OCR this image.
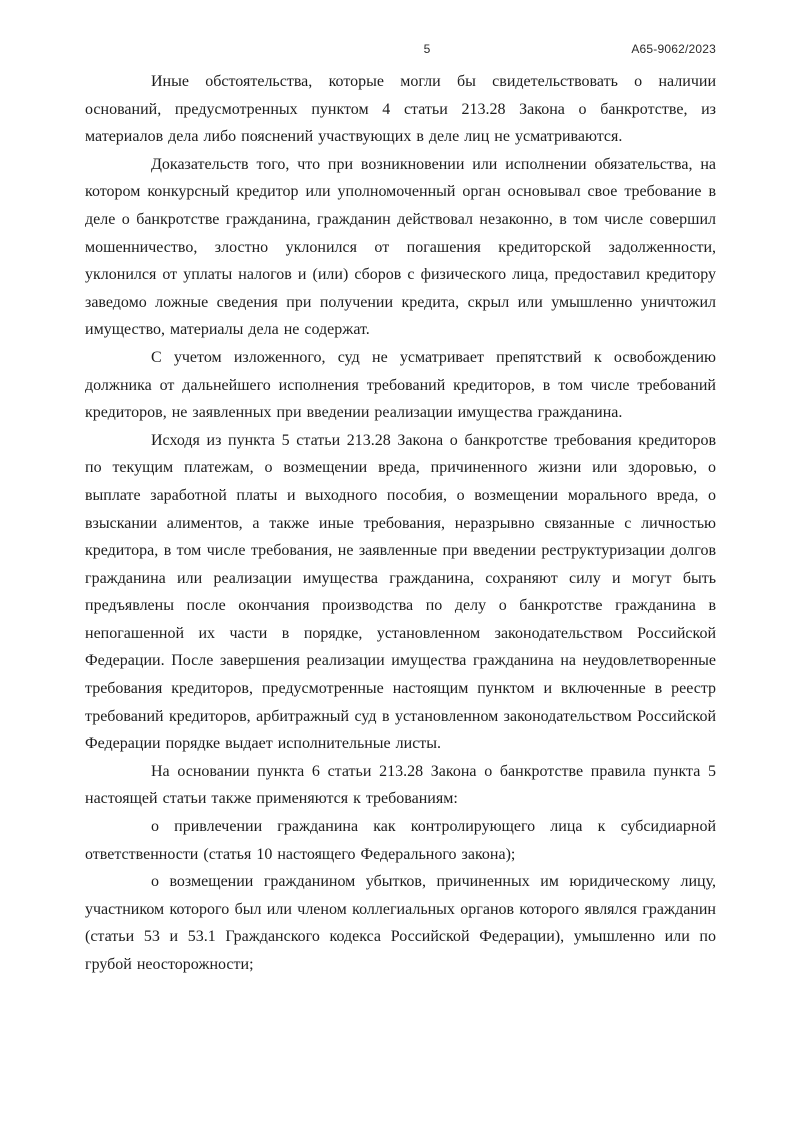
5	А65-9062/2023

Иные обстоятельства, которые могли бы свидетельствовать о наличии оснований, предусмотренных пунктом 4 статьи 213.28 Закона о банкротстве, из материалов дела либо пояснений участвующих в деле лиц не усматриваются.

Доказательств того, что при возникновении или исполнении обязательства, на котором конкурсный кредитор или уполномоченный орган основывал свое требование в деле о банкротстве гражданина, гражданин действовал незаконно, в том числе совершил мошенничество, злостно уклонился от погашения кредиторской задолженности, уклонился от уплаты налогов и (или) сборов с физического лица, предоставил кредитору заведомо ложные сведения при получении кредита, скрыл или умышленно уничтожил имущество, материалы дела не содержат.

С учетом изложенного, суд не усматривает препятствий к освобождению должника от дальнейшего исполнения требований кредиторов, в том числе требований кредиторов, не заявленных при введении реализации имущества гражданина.

Исходя из пункта 5 статьи 213.28 Закона о банкротстве требования кредиторов по текущим платежам, о возмещении вреда, причиненного жизни или здоровью, о выплате заработной платы и выходного пособия, о возмещении морального вреда, о взыскании алиментов, а также иные требования, неразрывно связанные с личностью кредитора, в том числе требования, не заявленные при введении реструктуризации долгов гражданина или реализации имущества гражданина, сохраняют силу и могут быть предъявлены после окончания производства по делу о банкротстве гражданина в непогашенной их части в порядке, установленном законодательством Российской Федерации. После завершения реализации имущества гражданина на неудовлетворенные требования кредиторов, предусмотренные настоящим пунктом и включенные в реестр требований кредиторов, арбитражный суд в установленном законодательством Российской Федерации порядке выдает исполнительные листы.

На основании пункта 6 статьи 213.28 Закона о банкротстве правила пункта 5 настоящей статьи также применяются к требованиям:

о привлечении гражданина как контролирующего лица к субсидиарной ответственности (статья 10 настоящего Федерального закона);

о возмещении гражданином убытков, причиненных им юридическому лицу, участником которого был или членом коллегиальных органов которого являлся гражданин (статьи 53 и 53.1 Гражданского кодекса Российской Федерации), умышленно или по грубой неосторожности;
